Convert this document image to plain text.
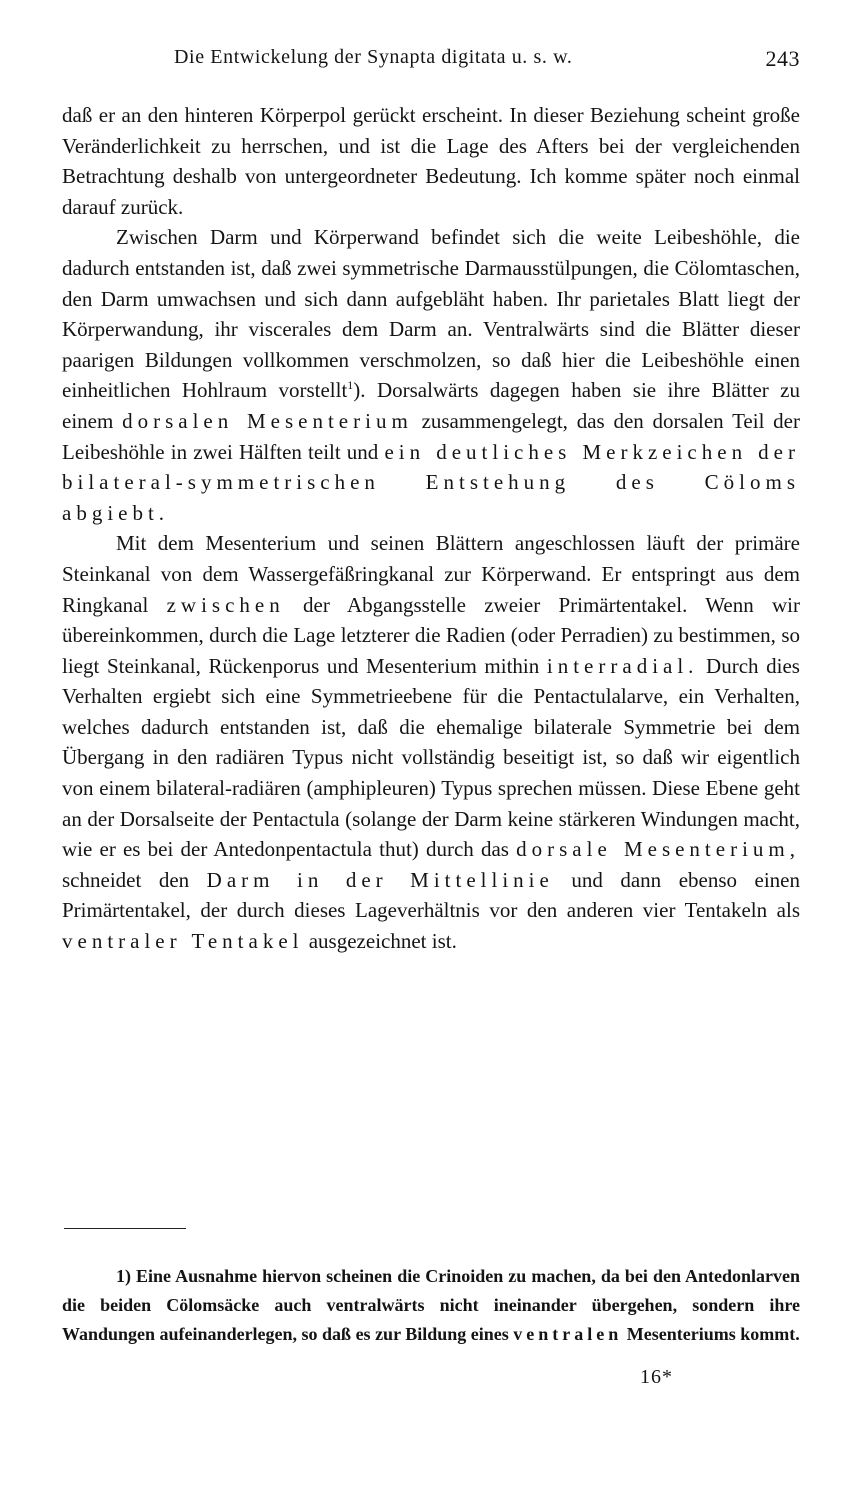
Die Entwickelung der Synapta digitata u. s. w.	243

daß er an den hinteren Körperpol gerückt erscheint. In dieser Beziehung scheint große Veränderlichkeit zu herrschen, und ist die Lage des Afters bei der vergleichenden Betrachtung deshalb von untergeordneter Bedeutung. Ich komme später noch einmal darauf zurück.

Zwischen Darm und Körperwand befindet sich die weite Leibeshöhle, die dadurch entstanden ist, daß zwei symmetrische Darmausstülpungen, die Cölomtaschen, den Darm umwachsen und sich dann aufgebläht haben. Ihr parietales Blatt liegt der Körperwandung, ihr viscerales dem Darm an. Ventralwärts sind die Blätter dieser paarigen Bildungen vollkommen verschmolzen, so daß hier die Leibeshöhle einen einheitlichen Hohlraum vorstellt$^1$). Dorsalwärts dagegen haben sie ihre Blätter zu einem dorsalen Mesenterium zusammengelegt, das den dorsalen Teil der Leibeshöhle in zwei Hälften teilt und ein deutliches Merkzeichen der bilateral-symmetrischen Entstehung des Cöloms abgiebt.

Mit dem Mesenterium und seinen Blättern angeschlossen läuft der primäre Steinkanal von dem Wassergefäßringkanal zur Körperwand. Er entspringt aus dem Ringkanal zwischen der Abgangsstelle zweier Primärtentakel. Wenn wir übereinkommen, durch die Lage letzterer die Radien (oder Perradien) zu bestimmen, so liegt Steinkanal, Rückenporus und Mesenterium mithin interradial. Durch dies Verhalten ergiebt sich eine Symmetrieebene für die Pentactulalarve, ein Verhalten, welches dadurch entstanden ist, daß die ehemalige bilaterale Symmetrie bei dem Übergang in den radiären Typus nicht vollständig beseitigt ist, so daß wir eigentlich von einem bilateral-radiären (amphipleuren) Typus sprechen müssen. Diese Ebene geht an der Dorsalseite der Pentactula (solange der Darm keine stärkeren Windungen macht, wie er es bei der Antedonpentactula thut) durch das dorsale Mesenterium, schneidet den Darm in der Mittellinie und dann ebenso einen Primärtentakel, der durch dieses Lageverhältnis vor den anderen vier Tentakeln als ventraler Tentakel ausgezeichnet ist.

1) Eine Ausnahme hiervon scheinen die Crinoiden zu machen, da bei den Antedonlarven die beiden Cölomsäcke auch ventralwärts nicht ineinander übergehen, sondern ihre Wandungen aufeinanderlegen, so daß es zur Bildung eines ventralen Mesenteriums kommt.

16*
